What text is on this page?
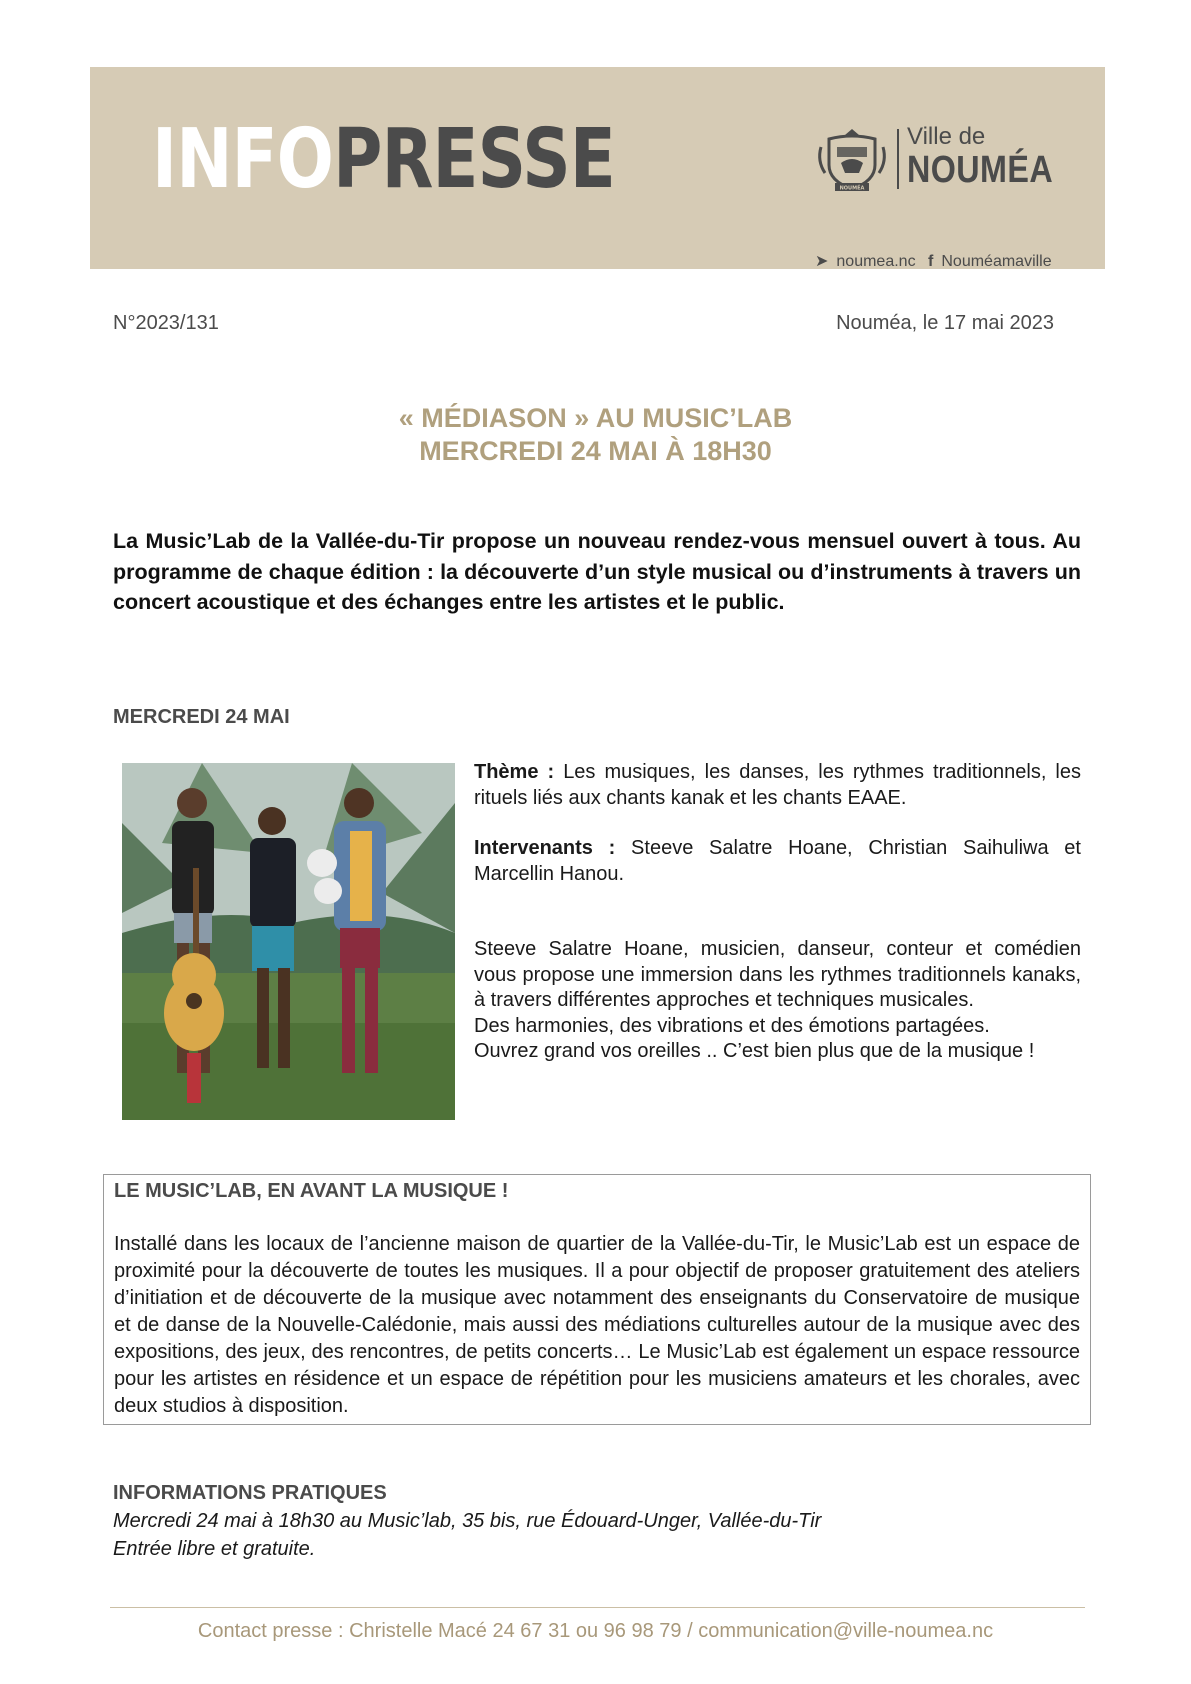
INFOPRESSE	NOUMÉA
Ville de
NOUMÉA
➤ noumea.nc f Nouméamaville
N°2023/131	Nouméa, le 17 mai 2023
« MÉDIASON » AU MUSIC’LAB
MERCREDI 24 MAI À 18H30
La Music’Lab de la Vallée-du-Tir propose un nouveau rendez-vous mensuel ouvert à tous. Au programme de chaque édition : la découverte d’un style musical ou d’instruments à travers un concert acoustique et des échanges entre les artistes et le public.
MERCREDI 24 MAI

Thème : Les musiques, les danses, les rythmes traditionnels, les rituels liés aux chants kanak et les chants EAAE.

Intervenants : Steeve Salatre Hoane, Christian Saihuliwa et Marcellin Hanou.

Steeve Salatre Hoane, musicien, danseur, conteur et comédien vous propose une immersion dans les rythmes traditionnels kanaks, à travers différentes approches et techniques musicales.

Des harmonies, des vibrations et des émotions partagées.

Ouvrez grand vos oreilles .. C’est bien plus que de la musique !

LE MUSIC’LAB, EN AVANT LA MUSIQUE !
Installé dans les locaux de l’ancienne maison de quartier de la Vallée-du-Tir, le Music’Lab est un espace de proximité pour la découverte de toutes les musiques. Il a pour objectif de proposer gratuitement des ateliers d’initiation et de découverte de la musique avec notamment des enseignants du Conservatoire de musique et de danse de la Nouvelle-Calédonie, mais aussi des médiations culturelles autour de la musique avec des expositions, des jeux, des rencontres, de petits concerts… Le Music’Lab est également un espace ressource pour les artistes en résidence et un espace de répétition pour les musiciens amateurs et les chorales, avec deux studios à disposition.
INFORMATIONS PRATIQUES
Mercredi 24 mai à 18h30 au Music’lab, 35 bis, rue Édouard-Unger, Vallée-du-Tir
Entrée libre et gratuite.
Contact presse : Christelle Macé 24 67 31 ou 96 98 79 / communication@ville-noumea.nc
